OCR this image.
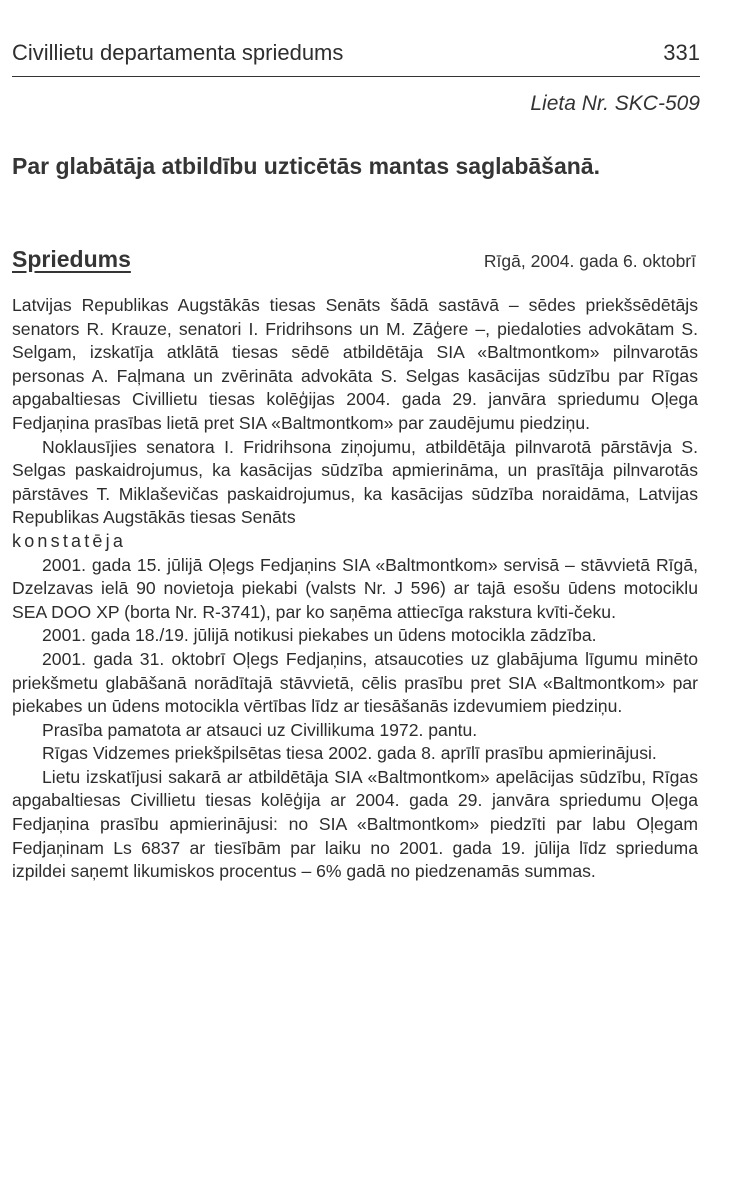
Civillietu departamenta spriedums	331
Lieta Nr. SKC-509
Par glabātāja atbildību uzticētās mantas saglabāšanā.
Spriedums	Rīgā, 2004. gada 6. oktobrī

Latvijas Republikas Augstākās tiesas Senāts šādā sastāvā – sēdes priekšsēdētājs senators R. Krauze, senatori I. Fridrihsons un M. Zāģere –, piedaloties advokātam S. Selgam, izskatīja atklātā tiesas sēdē atbildētāja SIA «Baltmontkom» pilnvarotās personas A. Faļmana un zvērināta advokāta S. Selgas kasācijas sūdzību par Rīgas apgabaltiesas Civillietu tiesas kolēģijas 2004. gada 29. janvāra spriedumu Oļega Fedjaņina prasības lietā pret SIA «Baltmontkom» par zaudējumu piedziņu.

Noklausījies senatora I. Fridrihsona ziņojumu, atbildētāja pilnvarotā pārstāvja S. Selgas paskaidrojumus, ka kasācijas sūdzība apmierināma, un prasītāja pilnvarotās pārstāves T. Miklaševičas paskaidrojumus, ka kasācijas sūdzība noraidāma, Latvijas Republikas Augstākās tiesas Senāts

konstatēja

2001. gada 15. jūlijā Oļegs Fedjaņins SIA «Baltmontkom» servisā – stāvvietā Rīgā, Dzelzavas ielā 90 novietoja piekabi (valsts Nr. J 596) ar tajā esošu ūdens motociklu SEA DOO XP (borta Nr. R-3741), par ko saņēma attiecīga rakstura kvīti-čeku.

2001. gada 18./19. jūlijā notikusi piekabes un ūdens motocikla zādzība.

2001. gada 31. oktobrī Oļegs Fedjaņins, atsaucoties uz glabājuma līgumu minēto priekšmetu glabāšanā norādītajā stāvvietā, cēlis prasību pret SIA «Baltmontkom» par piekabes un ūdens motocikla vērtības līdz ar tiesāšanās izdevumiem piedziņu.

Prasība pamatota ar atsauci uz Civillikuma 1972. pantu.

Rīgas Vidzemes priekšpilsētas tiesa 2002. gada 8. aprīlī prasību apmierinājusi.

Lietu izskatījusi sakarā ar atbildētāja SIA «Baltmontkom» apelācijas sūdzību, Rīgas apgabaltiesas Civillietu tiesas kolēģija ar 2004. gada 29. janvāra spriedumu Oļega Fedjaņina prasību apmierinājusi: no SIA «Baltmontkom» piedzīti par labu Oļegam Fedjaņinam Ls 6837 ar tiesībām par laiku no 2001. gada 19. jūlija līdz sprieduma izpildei saņemt likumiskos procentus – 6% gadā no piedzenamās summas.
